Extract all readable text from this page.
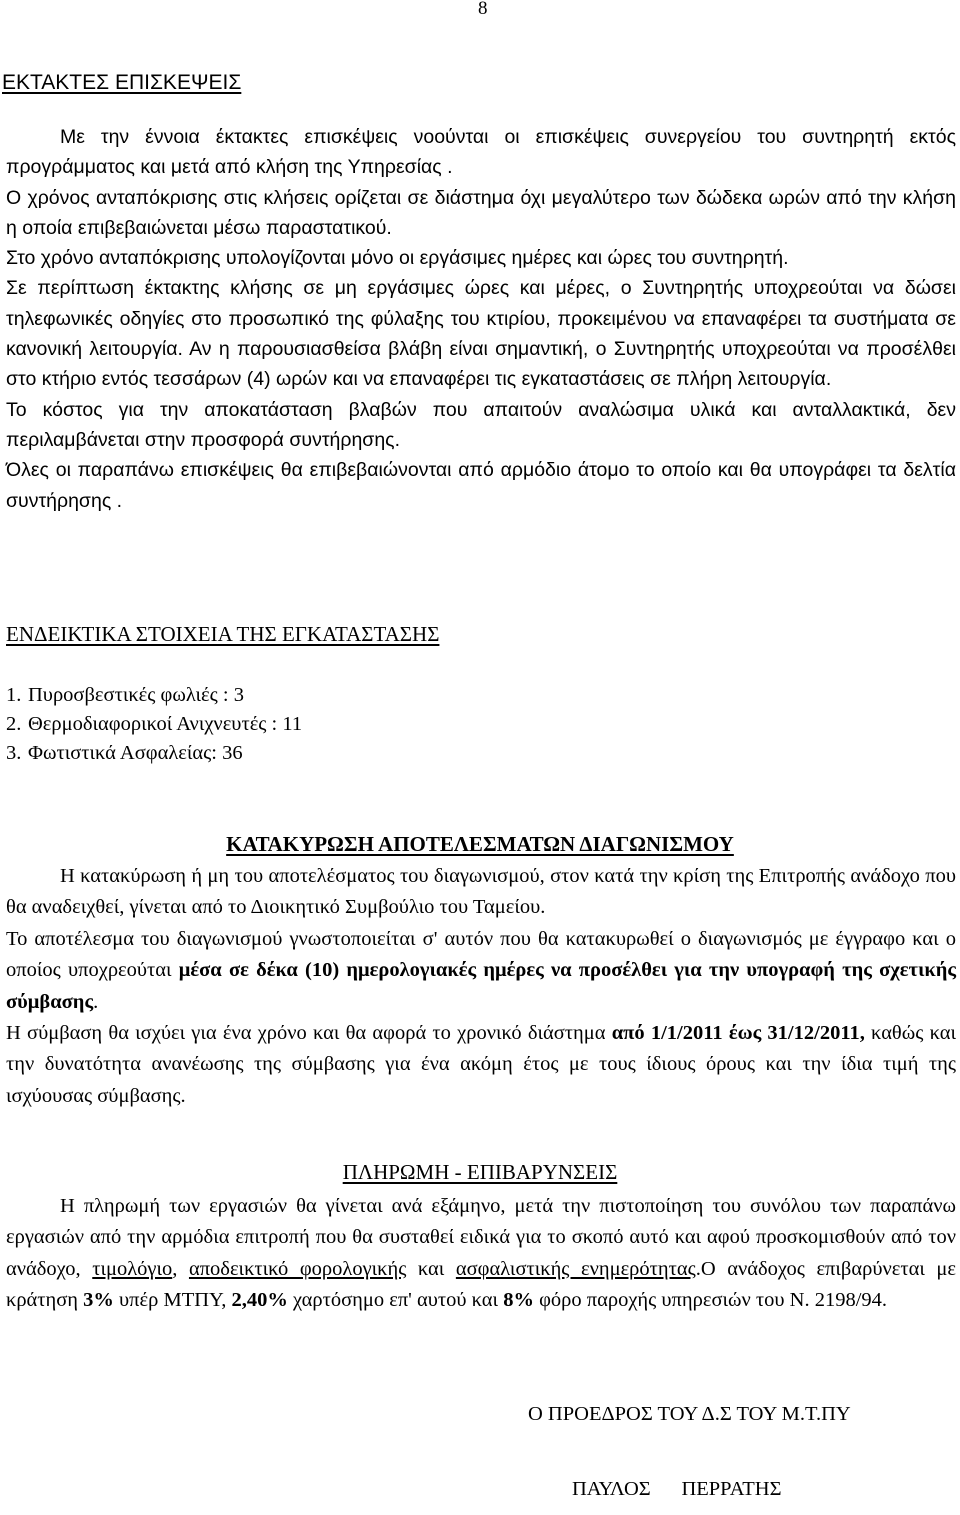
8
ΕΚΤΑΚΤΕΣ ΕΠΙΣΚΕΨΕΙΣ

Με την έννοια έκτακτες επισκέψεις νοούνται οι επισκέψεις συνεργείου του συντηρητή εκτός προγράμματος και μετά από κλήση της Υπηρεσίας .

Ο χρόνος ανταπόκρισης στις κλήσεις ορίζεται σε διάστημα όχι μεγαλύτερο των δώδεκα ωρών από την κλήση η οποία επιβεβαιώνεται μέσω παραστατικού.

Στο χρόνο ανταπόκρισης υπολογίζονται μόνο οι εργάσιμες ημέρες και ώρες του συντηρητή.

Σε περίπτωση έκτακτης κλήσης σε μη εργάσιμες ώρες και μέρες, ο Συντηρητής υποχρεούται να δώσει τηλεφωνικές οδηγίες στο προσωπικό της φύλαξης του κτιρίου, προκειμένου να επαναφέρει τα συστήματα σε κανονική λειτουργία. Αν η παρουσιασθείσα βλάβη είναι σημαντική, ο Συντηρητής υποχρεούται να προσέλθει στο κτήριο εντός τεσσάρων (4) ωρών και να επαναφέρει τις εγκαταστάσεις σε πλήρη λειτουργία.

Το κόστος για την αποκατάσταση βλαβών που απαιτούν αναλώσιμα υλικά και ανταλλακτικά, δεν περιλαμβάνεται στην προσφορά συντήρησης.

Όλες οι παραπάνω επισκέψεις θα επιβεβαιώνονται από αρμόδιο άτομο το οποίο και θα υπογράφει τα δελτία συντήρησης .

ΕΝΔΕΙΚΤΙΚΑ ΣΤΟΙΧΕΙΑ ΤΗΣ ΕΓΚΑΤΑΣΤΑΣΗΣ
1. Πυροσβεστικές φωλιές : 3
2. Θερμοδιαφορικοί Ανιχνευτές : 11
3. Φωτιστικά Ασφαλείας: 36
ΚΑΤΑΚΥΡΩΣΗ ΑΠΟΤΕΛΕΣΜΑΤΩΝ ΔΙΑΓΩΝΙΣΜΟΥ

Η κατακύρωση ή μη του αποτελέσματος του διαγωνισμού, στον κατά την κρίση της Επιτροπής ανάδοχο που θα αναδειχθεί, γίνεται από το Διοικητικό Συμβούλιο του Ταμείου.

Το αποτέλεσμα του διαγωνισμού γνωστοποιείται σ' αυτόν που θα κατακυρωθεί ο διαγωνισμός με έγγραφο και ο οποίος υποχρεούται μέσα σε δέκα (10) ημερολογιακές ημέρες να προσέλθει για την υπογραφή της σχετικής σύμβασης.

Η σύμβαση θα ισχύει για ένα χρόνο και θα αφορά το χρονικό διάστημα από 1/1/2011 έως 31/12/2011, καθώς και την δυνατότητα ανανέωσης της σύμβασης για ένα ακόμη έτος με τους ίδιους όρους και την ίδια τιμή της ισχύουσας σύμβασης.

ΠΛΗΡΩΜΗ - ΕΠΙΒΑΡΥΝΣΕΙΣ

Η πληρωμή των εργασιών θα γίνεται ανά εξάμηνο, μετά την πιστοποίηση του συνόλου των παραπάνω εργασιών από την αρμόδια επιτροπή που θα συσταθεί ειδικά για το σκοπό αυτό και αφού προσκομισθούν από τον ανάδοχο, τιμολόγιο, αποδεικτικό φορολογικής και ασφαλιστικής ενημερότητας.Ο ανάδοχος επιβαρύνεται με κράτηση 3% υπέρ ΜΤΠΥ, 2,40% χαρτόσημο επ' αυτού και 8% φόρο παροχής υπηρεσιών του Ν. 2198/94.

Ο ΠΡΟΕΔΡΟΣ ΤΟΥ Δ.Σ ΤΟΥ Μ.Τ.ΠΥ
ΠΑΥΛΟΣ      ΠΕΡΡΑΤΗΣ
